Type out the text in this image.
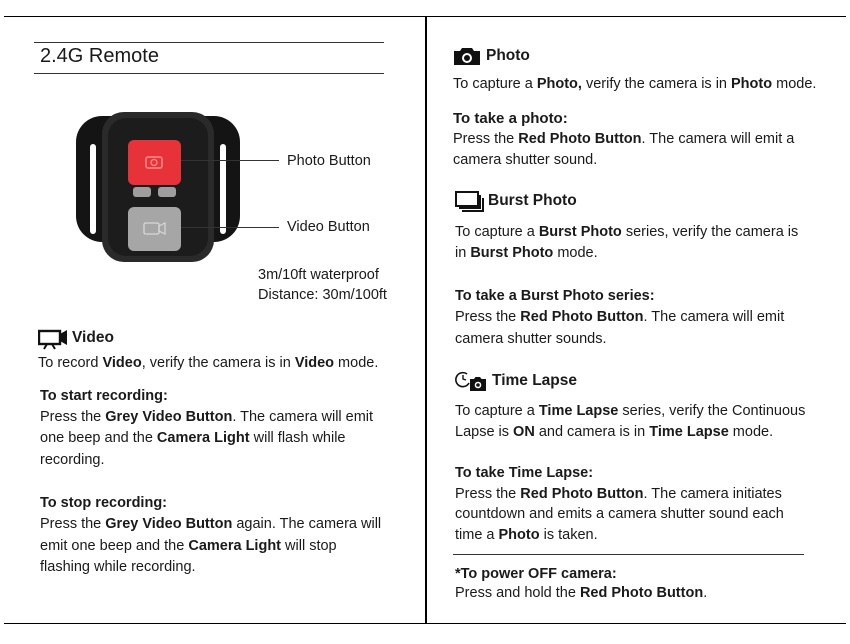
2.4G Remote
Photo Button
Video Button
3m/10ft waterproof
Distance: 30m/100ft
Video
To record Video, verify the camera is in Video mode.
To start recording:
Press the Grey Video Button. The camera will emit
one beep and the Camera Light will flash while
recording.
To stop recording:
Press the Grey Video Button again. The camera will
emit one beep and the Camera Light will stop
flashing while recording.
Photo
To capture a Photo, verify the camera is in Photo mode.
To take a photo:
Press the Red Photo Button. The camera will emit a
camera shutter sound.
Burst Photo
To capture a Burst Photo series, verify the camera is
in Burst Photo mode.
To take a Burst Photo series:
Press the Red Photo Button. The camera will emit
camera shutter sounds.
Time Lapse
To capture a Time Lapse series, verify the Continuous
Lapse is ON and camera is in Time Lapse mode.
To take Time Lapse:
Press the Red Photo Button. The camera initiates
countdown and emits a camera shutter sound each
time a Photo is taken.
*To power OFF camera:
Press and hold the Red Photo Button.
